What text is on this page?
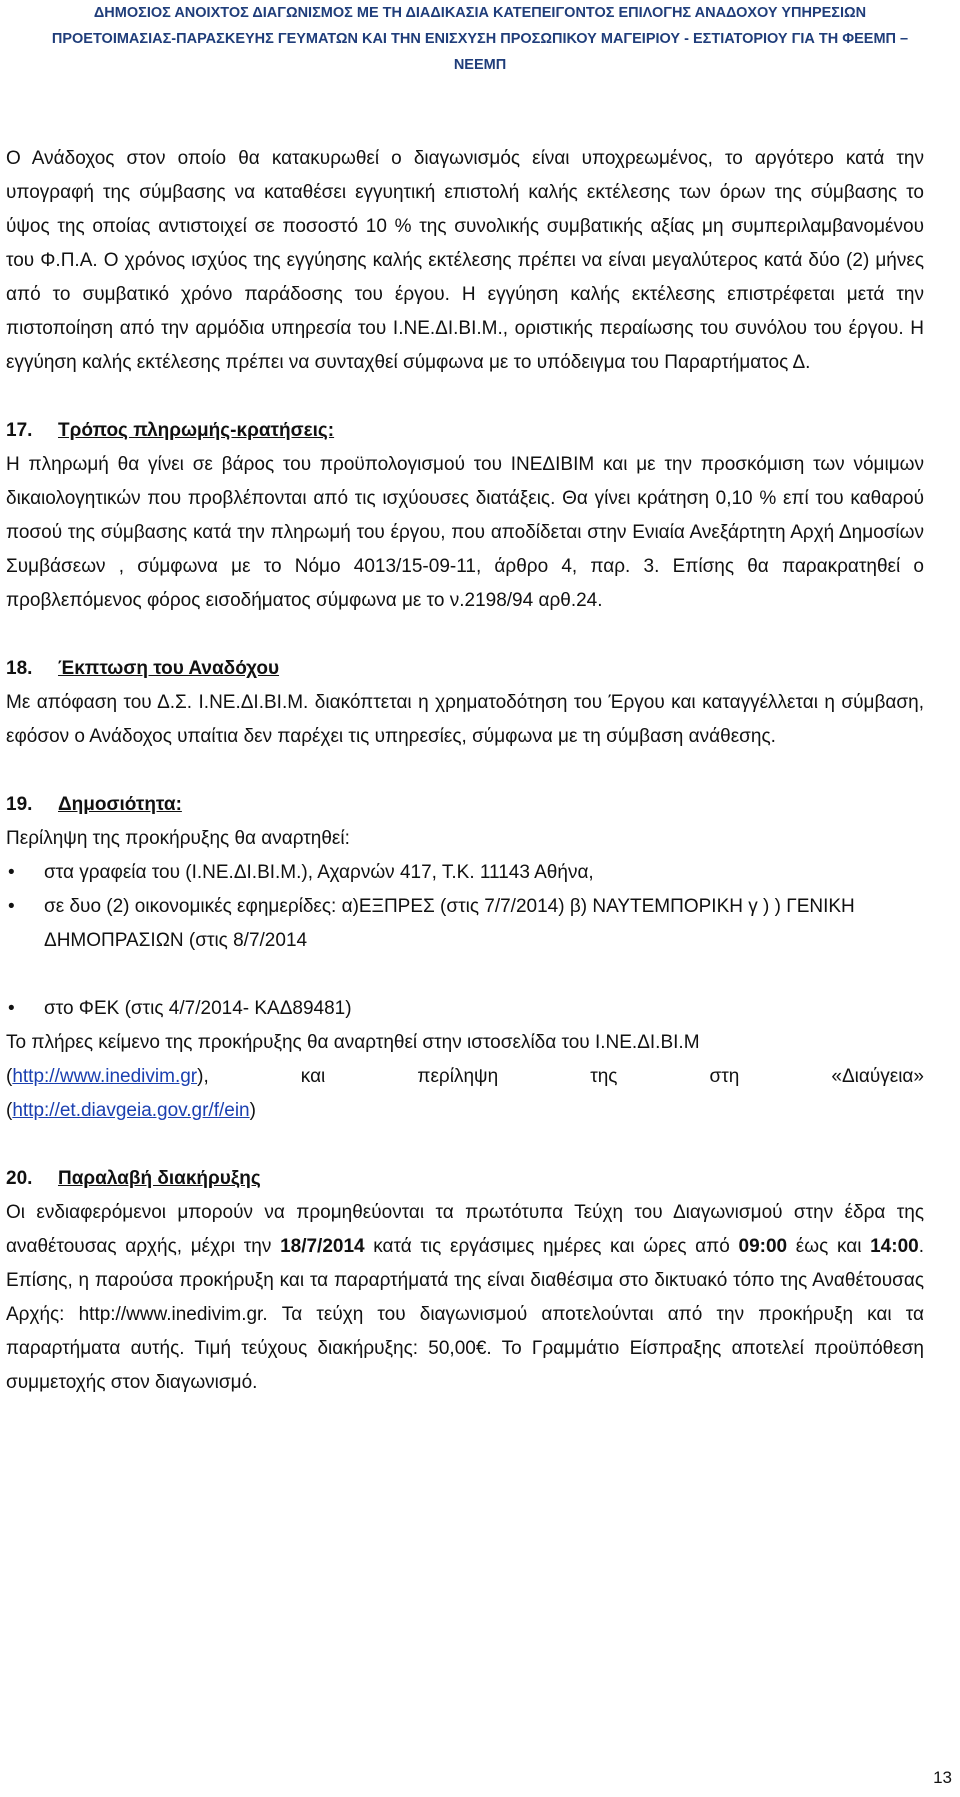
ΔΗΜΟΣΙΟΣ ΑΝΟΙΧΤΟΣ ΔΙΑΓΩΝΙΣΜΟΣ ΜΕ ΤΗ ΔΙΑΔΙΚΑΣΙΑ ΚΑΤΕΠΕΙΓΟΝΤΟΣ ΕΠΙΛΟΓΗΣ ΑΝΑΔΟΧΟΥ ΥΠΗΡΕΣΙΩΝ
ΠΡΟΕΤΟΙΜΑΣΙΑΣ-ΠΑΡΑΣΚΕΥΗΣ ΓΕΥΜΑΤΩΝ ΚΑΙ ΤΗΝ ΕΝΙΣΧΥΣΗ ΠΡΟΣΩΠΙΚΟΥ ΜΑΓΕΙΡΙΟΥ - ΕΣΤΙΑΤΟΡΙΟΥ ΓΙΑ ΤΗ ΦΕΕΜΠ –
ΝΕΕΜΠ

Ο Ανάδοχος στον οποίο θα κατακυρωθεί ο διαγωνισμός είναι υποχρεωμένος, το αργότερο κατά την υπογραφή της σύμβασης να καταθέσει εγγυητική επιστολή καλής εκτέλεσης των όρων της σύμβασης το ύψος της οποίας αντιστοιχεί σε ποσοστό 10 % της συνολικής συμβατικής αξίας μη συμπεριλαμβανομένου του Φ.Π.Α. Ο χρόνος ισχύος της εγγύησης καλής εκτέλεσης πρέπει να είναι μεγαλύτερος κατά δύο (2) μήνες από το συμβατικό χρόνο παράδοσης του έργου. Η εγγύηση καλής εκτέλεσης επιστρέφεται μετά την πιστοποίηση από την αρμόδια υπηρεσία του Ι.ΝΕ.ΔΙ.ΒΙ.Μ., οριστικής περαίωσης του συνόλου του έργου. Η εγγύηση καλής εκτέλεσης πρέπει να συνταχθεί σύμφωνα με το υπόδειγμα του Παραρτήματος Δ.

17. Τρόπος πληρωμής-κρατήσεις:

Η πληρωμή θα γίνει σε βάρος του προϋπολογισμού του ΙΝΕΔΙΒΙΜ και με την προσκόμιση των νόμιμων δικαιολογητικών που προβλέπονται από τις ισχύουσες διατάξεις. Θα γίνει κράτηση 0,10 % επί του καθαρού ποσού της σύμβασης κατά την πληρωμή του έργου, που αποδίδεται στην Ενιαία Ανεξάρτητη Αρχή Δημοσίων Συμβάσεων , σύμφωνα με το Νόμο 4013/15-09-11, άρθρο 4, παρ. 3. Επίσης θα παρακρατηθεί ο προβλεπόμενος φόρος εισοδήματος σύμφωνα με το ν.2198/94 αρθ.24.

18. Έκπτωση του Αναδόχου

Με απόφαση του Δ.Σ. Ι.ΝΕ.ΔΙ.ΒΙ.Μ. διακόπτεται η χρηματοδότηση του Έργου και καταγγέλλεται η σύμβαση, εφόσον ο Ανάδοχος υπαίτια δεν παρέχει τις υπηρεσίες, σύμφωνα με τη σύμβαση ανάθεσης.

19. Δημοσιότητα:

Περίληψη της προκήρυξης θα αναρτηθεί:

• στα γραφεία του (Ι.ΝΕ.ΔΙ.ΒΙ.Μ.), Αχαρνών 417, Τ.Κ. 11143 Αθήνα,
• σε δυο (2) οικονομικές εφημερίδες: α)ΕΞΠΡΕΣ (στις 7/7/2014) β) ΝΑΥΤΕΜΠΟΡΙΚΗ γ ) ) ΓΕΝΙΚΗ ΔΗΜΟΠΡΑΣΙΩΝ (στις 8/7/2014
• στο ΦΕΚ (στις 4/7/2014- ΚΑΔ89481)

Το πλήρες κείμενο της προκήρυξης θα αναρτηθεί στην ιστοσελίδα του Ι.ΝΕ.ΔΙ.ΒΙ.Μ

(http://www.inedivim.gr),	και	περίληψη	της	στη	«Διαύγεια»

(http://et.diavgeia.gov.gr/f/ein)

20. Παραλαβή διακήρυξης

Οι ενδιαφερόμενοι μπορούν να προμηθεύονται τα πρωτότυπα Τεύχη του Διαγωνισμού στην έδρα της αναθέτουσας αρχής, μέχρι την 18/7/2014 κατά τις εργάσιμες ημέρες και ώρες από 09:00 έως και 14:00. Επίσης, η παρούσα προκήρυξη και τα παραρτήματά της είναι διαθέσιμα στο δικτυακό τόπο της Αναθέτουσας Αρχής: http://www.inedivim.gr. Τα τεύχη του διαγωνισμού αποτελούνται από την προκήρυξη και τα παραρτήματα αυτής. Τιμή τεύχους διακήρυξης: 50,00€. Το Γραμμάτιο Είσπραξης αποτελεί προϋπόθεση συμμετοχής στον διαγωνισμό.

13
